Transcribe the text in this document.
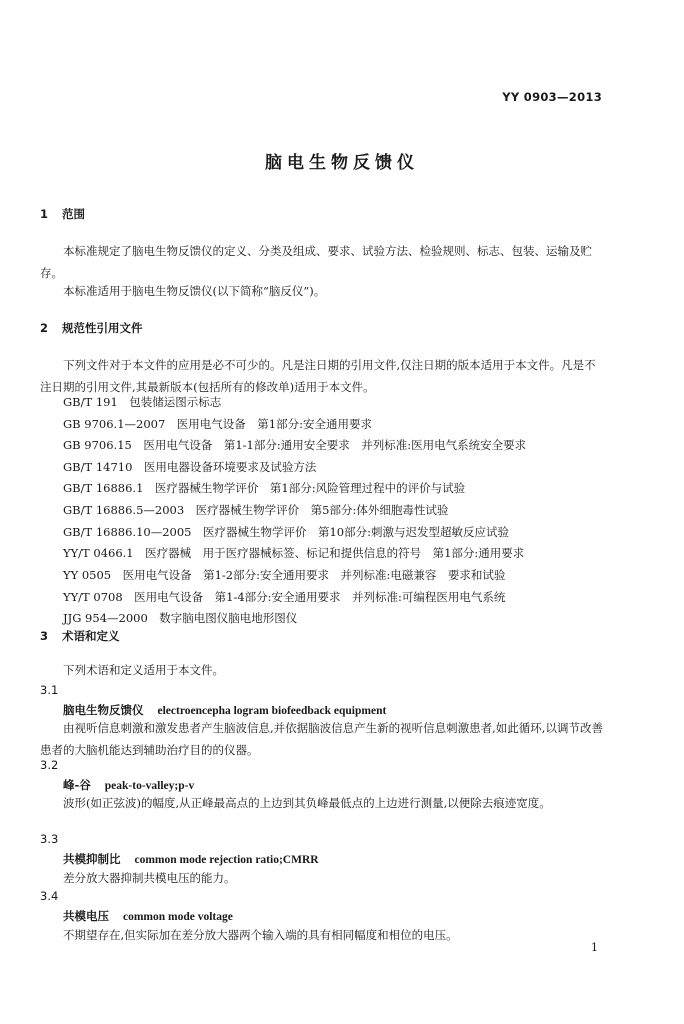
YY 0903—2013
脑电生物反馈仪
1 范围
本标准规定了脑电生物反馈仪的定义、分类及组成、要求、试验方法、检验规则、标志、包装、运输及贮存。
本标准适用于脑电生物反馈仪(以下简称“脑反仪”)。
2 规范性引用文件
下列文件对于本文件的应用是必不可少的。凡是注日期的引用文件,仅注日期的版本适用于本文件。凡是不注日期的引用文件,其最新版本(包括所有的修改单)适用于本文件。
GB/T 191　包装储运图示标志
GB 9706.1—2007　医用电气设备　第1部分:安全通用要求
GB 9706.15　医用电气设备　第1-1部分:通用安全要求　并列标准:医用电气系统安全要求
GB/T 14710　医用电器设备环境要求及试验方法
GB/T 16886.1　医疗器械生物学评价　第1部分:风险管理过程中的评价与试验
GB/T 16886.5—2003　医疗器械生物学评价　第5部分:体外细胞毒性试验
GB/T 16886.10—2005　医疗器械生物学评价　第10部分:刺激与迟发型超敏反应试验
YY/T 0466.1　医疗器械　用于医疗器械标签、标记和提供信息的符号　第1部分:通用要求
YY 0505　医用电气设备　第1-2部分:安全通用要求　并列标准:电磁兼容　要求和试验
YY/T 0708　医用电气设备　第1-4部分:安全通用要求　并列标准:可编程医用电气系统
JJG 954—2000　数字脑电图仪脑电地形图仪
3 术语和定义
下列术语和定义适用于本文件。
3.1
脑电生物反馈仪 electroencepha logram biofeedback equipment
由视听信息刺激和激发患者产生脑波信息,并依据脑波信息产生新的视听信息刺激患者,如此循环,以调节改善患者的大脑机能达到辅助治疗目的的仪器。
3.2
峰-谷 peak-to-valley;p-v
波形(如正弦波)的幅度,从正峰最高点的上边到其负峰最低点的上边进行测量,以便除去痕迹宽度。
3.3
共模抑制比 common mode rejection ratio;CMRR
差分放大器抑制共模电压的能力。
3.4
共模电压 common mode voltage
不期望存在,但实际加在差分放大器两个输入端的具有相同幅度和相位的电压。
1
